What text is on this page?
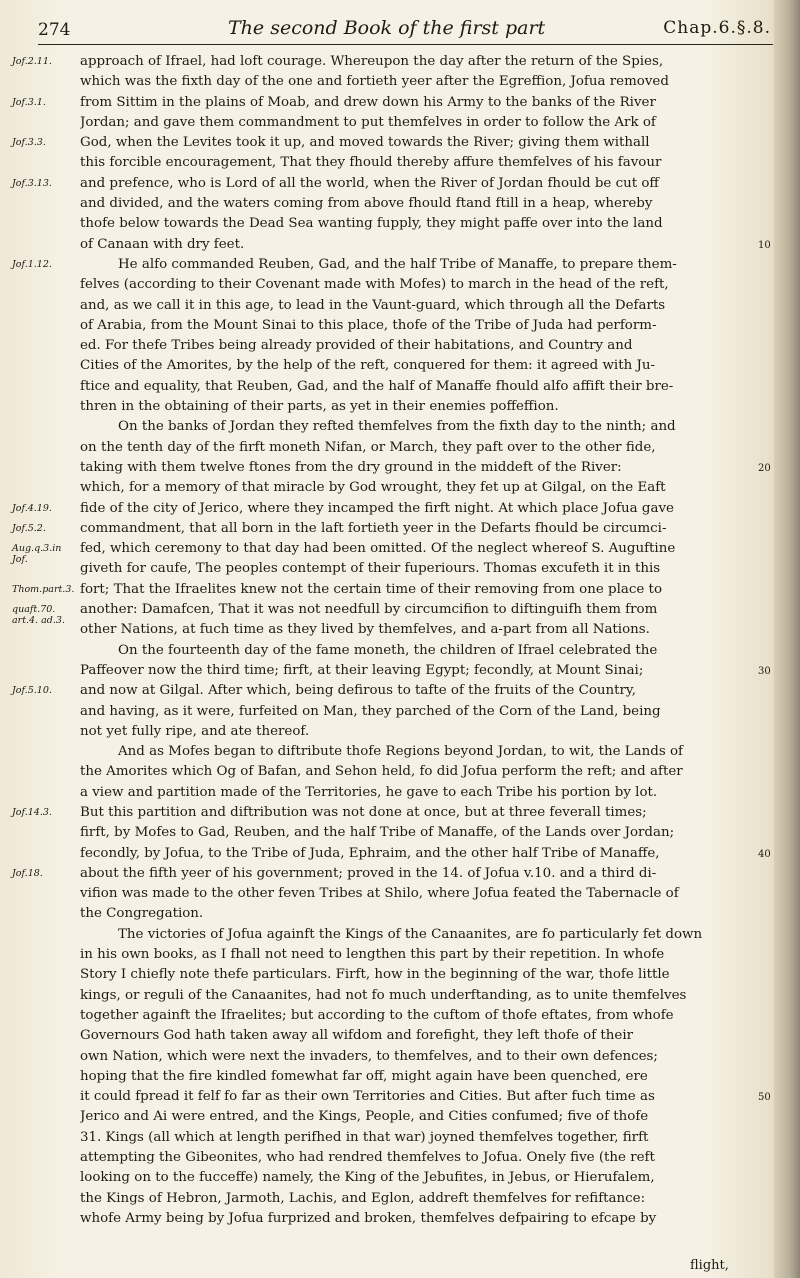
274	The second Book of the first part	Chap.6.§.8.
Jof.2.11.
Jof.3.1.
Jof.3.3.
Jof.3.13.
Jof.1.12.
Jof.4.19.
Jof.5.2.
Aug.q.3.in Jof.
Thom.part.3.
quaft.70. art.4. ad.3.
Jof.5.10.
Jof.14.3.
Jof.18.
approach of Ifrael, had loft courage. Whereupon the day after the return of the Spies,
which was the fixth day of the one and fortieth yeer after the Egreffion, Jofua removed
from Sittim in the plains of Moab, and drew down his Army to the banks of the River
Jordan; and gave them commandment to put themfelves in order to follow the Ark of
God, when the Levites took it up, and moved towards the River; giving them withall
this forcible encouragement, That they fhould thereby affure themfelves of his favour
and prefence, who is Lord of all the world, when the River of Jordan fhould be cut off
and divided, and the waters coming from above fhould ftand ftill in a heap, whereby
thofe below towards the Dead Sea wanting fupply, they might paffe over into the land
of Canaan with dry feet.
He alfo commanded Reuben, Gad, and the half Tribe of Manaffe, to prepare them-
felves (according to their Covenant made with Mofes) to march in the head of the reft,
and, as we call it in this age, to lead in the Vaunt-guard, which through all the Defarts
of Arabia, from the Mount Sinai to this place, thofe of the Tribe of Juda had perform-
ed. For thefe Tribes being already provided of their habitations, and Country and
Cities of the Amorites, by the help of the reft, conquered for them: it agreed with Ju-
ftice and equality, that Reuben, Gad, and the half of Manaffe fhould alfo affift their bre-
thren in the obtaining of their parts, as yet in their enemies poffeffion.
On the banks of Jordan they refted themfelves from the fixth day to the ninth; and
on the tenth day of the firft moneth Nifan, or March, they paft over to the other fide,
taking with them twelve ftones from the dry ground in the middeft of the River:
which, for a memory of that miracle by God wrought, they fet up at Gilgal, on the Eaft
fide of the city of Jerico, where they incamped the firft night. At which place Jofua gave
commandment, that all born in the laft fortieth yeer in the Defarts fhould be circumci-
fed, which ceremony to that day had been omitted. Of the neglect whereof S. Auguftine
giveth for caufe, The peoples contempt of their fuperiours. Thomas excufeth it in this
fort; That the Ifraelites knew not the certain time of their removing from one place to
another: Damafcen, That it was not needfull by circumcifion to diftinguifh them from
other Nations, at fuch time as they lived by themfelves, and a-part from all Nations.
On the fourteenth day of the fame moneth, the children of Ifrael celebrated the
Paffeover now the third time; firft, at their leaving Egypt; fecondly, at Mount Sinai;
and now at Gilgal. After which, being defirous to tafte of the fruits of the Country,
and having, as it were, furfeited on Man, they parched of the Corn of the Land, being
not yet fully ripe, and ate thereof.
And as Mofes began to diftribute thofe Regions beyond Jordan, to wit, the Lands of
the Amorites which Og of Bafan, and Sehon held, fo did Jofua perform the reft; and after
a view and partition made of the Territories, he gave to each Tribe his portion by lot.
But this partition and diftribution was not done at once, but at three feverall times;
firft, by Mofes to Gad, Reuben, and the half Tribe of Manaffe, of the Lands over Jordan;
fecondly, by Jofua, to the Tribe of Juda, Ephraim, and the other half Tribe of Manaffe,
about the fifth yeer of his government; proved in the 14. of Jofua v.10. and a third di-
vifion was made to the other feven Tribes at Shilo, where Jofua feated the Tabernacle of
the Congregation.
The victories of Jofua againft the Kings of the Canaanites, are fo particularly fet down
in his own books, as I fhall not need to lengthen this part by their repetition. In whofe
Story I chiefly note thefe particulars. Firft, how in the beginning of the war, thofe little
kings, or reguli of the Canaanites, had not fo much underftanding, as to unite themfelves
together againft the Ifraelites; but according to the cuftom of thofe eftates, from whofe
Governours God hath taken away all wifdom and forefight, they left thofe of their
own Nation, which were next the invaders, to themfelves, and to their own defences;
hoping that the fire kindled fomewhat far off, might again have been quenched, ere
it could fpread it felf fo far as their own Territories and Cities. But after fuch time as
Jerico and Ai were entred, and the Kings, People, and Cities confumed; five of thofe
31. Kings (all which at length perifhed in that war) joyned themfelves together, firft
attempting the Gibeonites, who had rendred themfelves to Jofua. Onely five (the reft
looking on to the fucceffe) namely, the King of the Jebufites, in Jebus, or Hierufalem,
the Kings of Hebron, Jarmoth, Lachis, and Eglon, addreft themfelves for refiftance:
whofe Army being by Jofua furprized and broken, themfelves defpairing to efcape by
10
20
30
40
50
flight,
